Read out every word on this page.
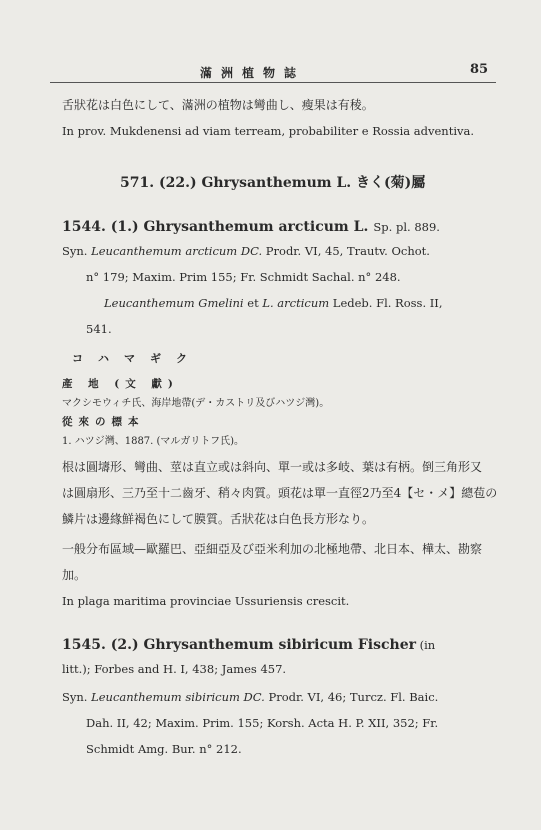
滿洲植物誌	85
舌狀花は白色にして、滿洲の植物は彎曲し、瘦果は有稜。
In prov. Mukdenensi ad viam terream, probabiliter e Rossia adventiva.
571. (22.) Ghrysanthemum L. きく(菊)屬
1544. (1.) Ghrysanthemum arcticum L. Sp. pl. 889.
Syn. Leucanthemum arcticum DC. Prodr. VI, 45, Trautv. Ochot.
n° 179; Maxim. Prim 155; Fr. Schmidt Sachal. n° 248.
Leucanthemum Gmelini et L. arcticum Ledeb. Fl. Ross. II,
541.
コハマギク
產 地 (文 獻)
マクシモウィチ氏、海岸地帶(デ・カストリ及びハツジ灣)。
從來の標本
1. ハツジ灣、1887. (マルガリトフ氏)。
根は圓壔形、彎曲、莖は直立或は斜向、單一或は多岐、葉は有柄。倒三角形又
は圓扇形、三乃至十二齒牙、稍々肉質。頭花は單一直徑2乃至4【セ・メ】總苞の
鱗片は邊緣鮮褐色にして膜質。舌狀花は白色長方形なり。
一般分布區域—歐羅巴、亞細亞及び亞米利加の北極地帶、北日本、樺太、勘察
加。
In plaga maritima provinciae Ussuriensis crescit.
1545. (2.) Ghrysanthemum sibiricum Fischer (in
litt.); Forbes and H. I, 438; James 457.
Syn. Leucanthemum sibiricum DC. Prodr. VI, 46; Turcz. Fl. Baic.
Dah. II, 42; Maxim. Prim. 155; Korsh. Acta H. P. XII, 352; Fr.
Schmidt Amg. Bur. n° 212.
